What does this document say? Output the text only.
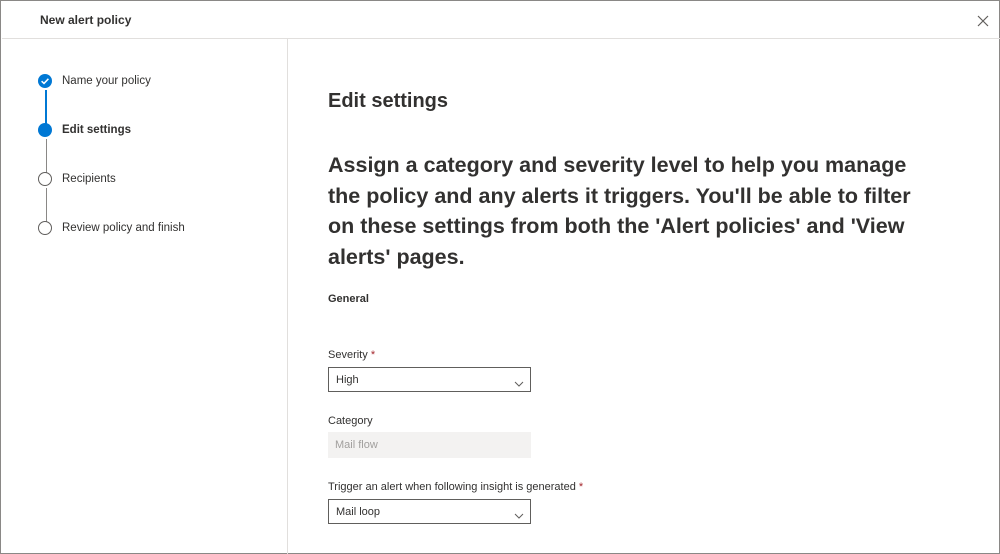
New alert policy
Name your policy
Edit settings
Recipients
Review policy and finish
Edit settings
Assign a category and severity level to help you manage the policy and any alerts it triggers. You'll be able to filter on these settings from both the 'Alert policies' and 'View alerts' pages.
General
Severity *
High
Category
Mail flow
Trigger an alert when following insight is generated *
Mail loop
